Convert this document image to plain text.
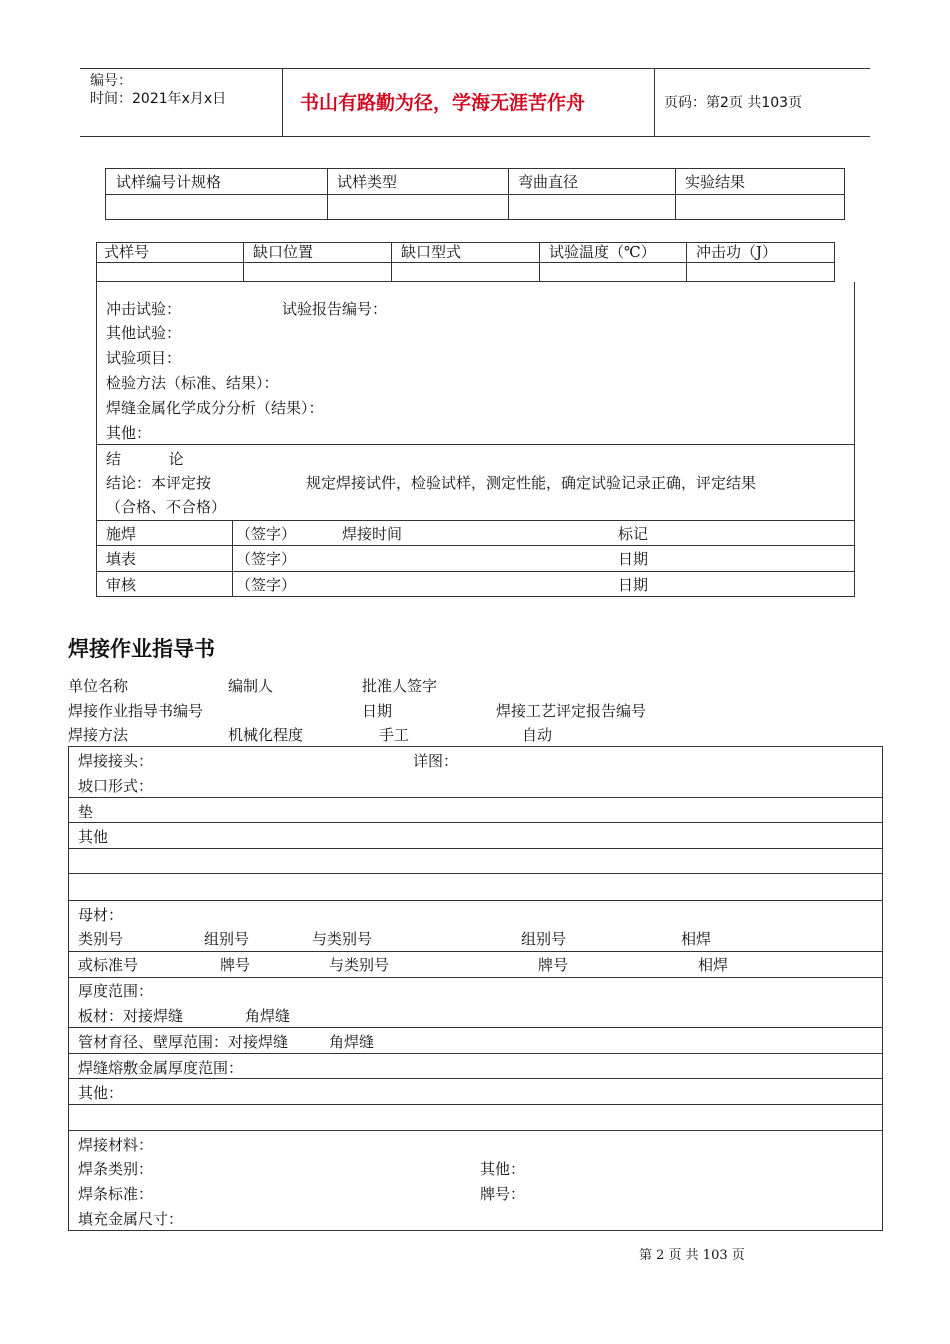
编号：
时间：2021年x月x日	书山有路勤为径，学海无涯苦作舟	页码：第2页 共103页
试样编号计规格	试样类型	弯曲直径	实验结果
式样号	缺口位置	缺口型式	试验温度（℃）	冲击功（J）
冲击试验：	试验报告编号：
其他试验：
试验项目：
检验方法（标准、结果）：
焊缝金属化学成分分析（结果）：
其他：
结          论
结论：本评定按	规定焊接试件，检验试样，测定性能，确定试验记录正确，评定结果
（合格、不合格）
施焊	（签字）	焊接时间	标记
填表	（签字）	日期
审核	（签字）	日期
焊接作业指导书
单位名称	编制人	批准人签字
焊接作业指导书编号	日期	焊接工艺评定报告编号
焊接方法	机械化程度	手工	自动
焊接接头：	详图：
坡口形式：
垫
其他
母材：
类别号	组别号	与类别号	组别号	相焊
或标准号	牌号	与类别号	牌号	相焊
厚度范围：
板材：对接焊缝	角焊缝
管材育径、壁厚范围：对接焊缝	角焊缝
焊缝熔敷金属厚度范围：
其他：
焊接材料：
焊条类别：	其他：
焊条标准：	牌号：
填充金属尺寸：
第 2 页 共 103 页
